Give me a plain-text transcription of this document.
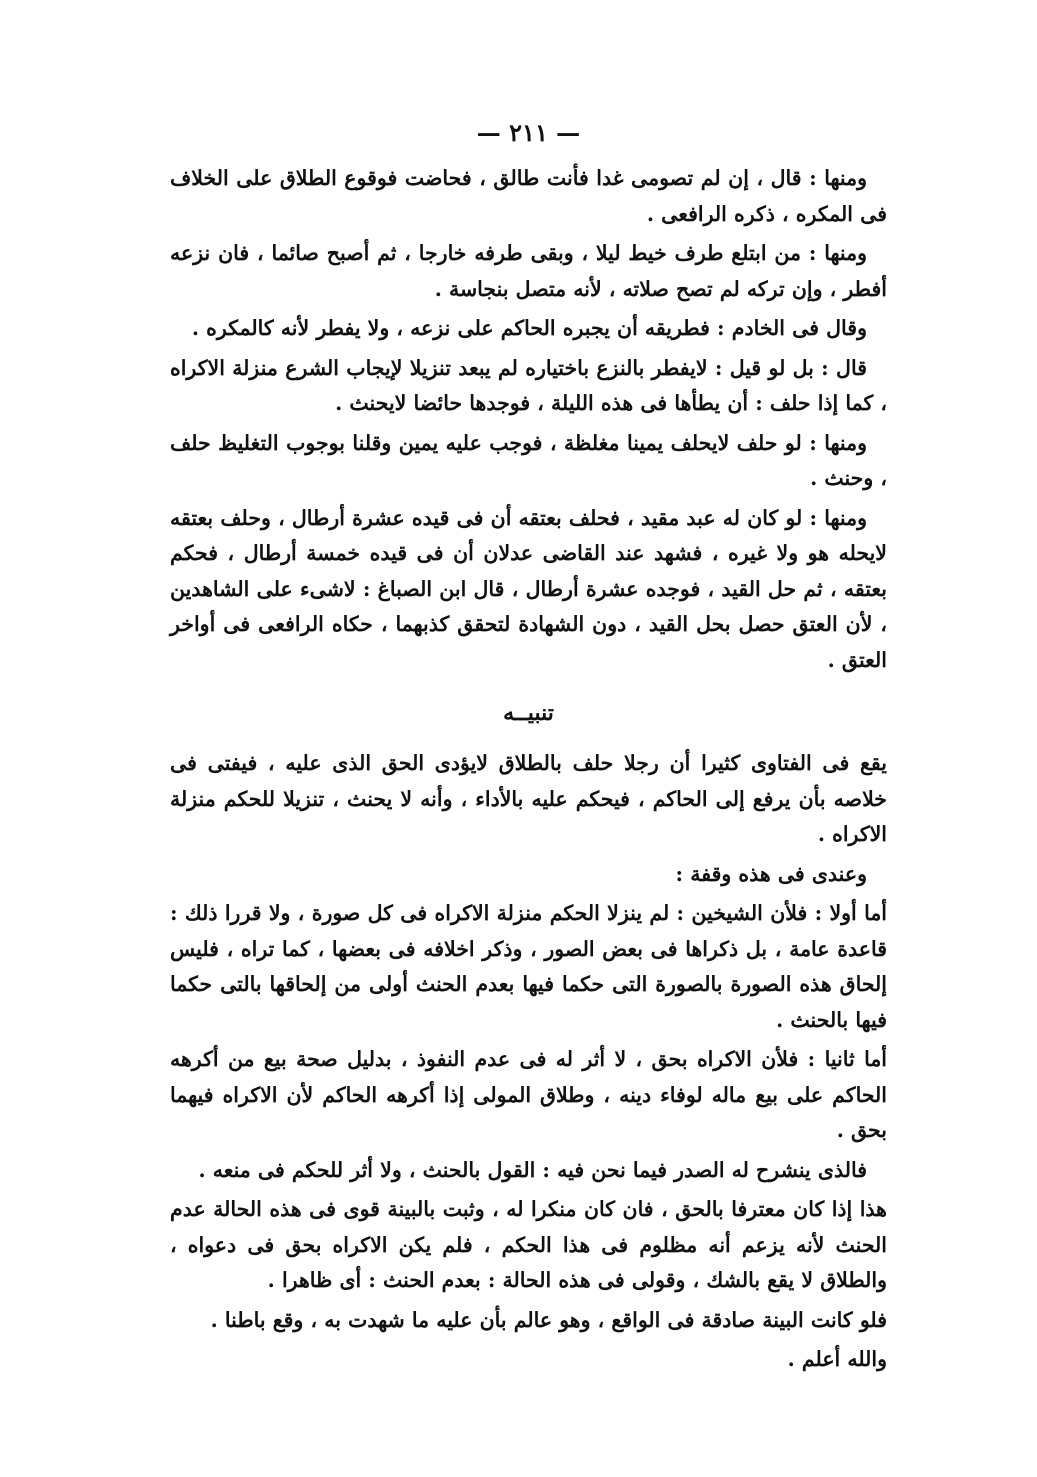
— ٢١١ —

ومنها : قال ، إن لم تصومى غدا فأنت طالق ، فحاضت فوقوع الطلاق على الخلاف فى المكره ، ذكره الرافعى .

ومنها : من ابتلع طرف خيط ليلا ، وبقى طرفه خارجا ، ثم أصبح صائما ، فان نزعه أفطر ، وإن تركه لم تصح صلاته ، لأنه متصل بنجاسة .

وقال فى الخادم : فطريقه أن يجبره الحاكم على نزعه ، ولا يفطر لأنه كالمكره .

قال : بل لو قيل : لايفطر بالنزع باختياره لم يبعد تنزيلا لإيجاب الشرع منزلة الاكراه ، كما إذا حلف : أن يطأها فى هذه الليلة ، فوجدها حائضا لايحنث .

ومنها : لو حلف لايحلف يمينا مغلظة ، فوجب عليه يمين وقلنا بوجوب التغليظ حلف ، وحنث .

ومنها : لو كان له عبد مقيد ، فحلف بعتقه أن فى قيده عشرة أرطال ، وحلف بعتقه لايحله هو ولا غيره ، فشهد عند القاضى عدلان أن فى قيده خمسة أرطال ، فحكم بعتقه ، ثم حل القيد ، فوجده عشرة أرطال ، قال ابن الصباغ : لاشىء على الشاهدين ، لأن العتق حصل بحل القيد ، دون الشهادة لتحقق كذبهما ، حكاه الرافعى فى أواخر العتق .

تنبيــه

يقع فى الفتاوى كثيرا أن رجلا حلف بالطلاق لايؤدى الحق الذى عليه ، فيفتى فى خلاصه بأن يرفع إلى الحاكم ، فيحكم عليه بالأداء ، وأنه لا يحنث ، تنزيلا للحكم منزلة الاكراه .

وعندى فى هذه وقفة :

أما أولا : فلأن الشيخين : لم ينزلا الحكم منزلة الاكراه فى كل صورة ، ولا قررا ذلك : قاعدة عامة ، بل ذكراها فى بعض الصور ، وذكر اخلافه فى بعضها ، كما تراه ، فليس إلحاق هذه الصورة بالصورة التى حكما فيها بعدم الحنث أولى من إلحاقها بالتى حكما فيها بالحنث .

أما ثانيا : فلأن الاكراه بحق ، لا أثر له فى عدم النفوذ ، بدليل صحة بيع من أكرهه الحاكم على بيع ماله لوفاء دينه ، وطلاق المولى إذا أكرهه الحاكم لأن الاكراه فيهما بحق .

فالذى ينشرح له الصدر فيما نحن فيه : القول بالحنث ، ولا أثر للحكم فى منعه .

هذا إذا كان معترفا بالحق ، فان كان منكرا له ، وثبت بالبينة قوى فى هذه الحالة عدم الحنث لأنه يزعم أنه مظلوم فى هذا الحكم ، فلم يكن الاكراه بحق فى دعواه ، والطلاق لا يقع بالشك ، وقولى فى هذه الحالة : بعدم الحنث : أى ظاهرا .

فلو كانت البينة صادقة فى الواقع ، وهو عالم بأن عليه ما شهدت به ، وقع باطنا .

والله أعلم .
